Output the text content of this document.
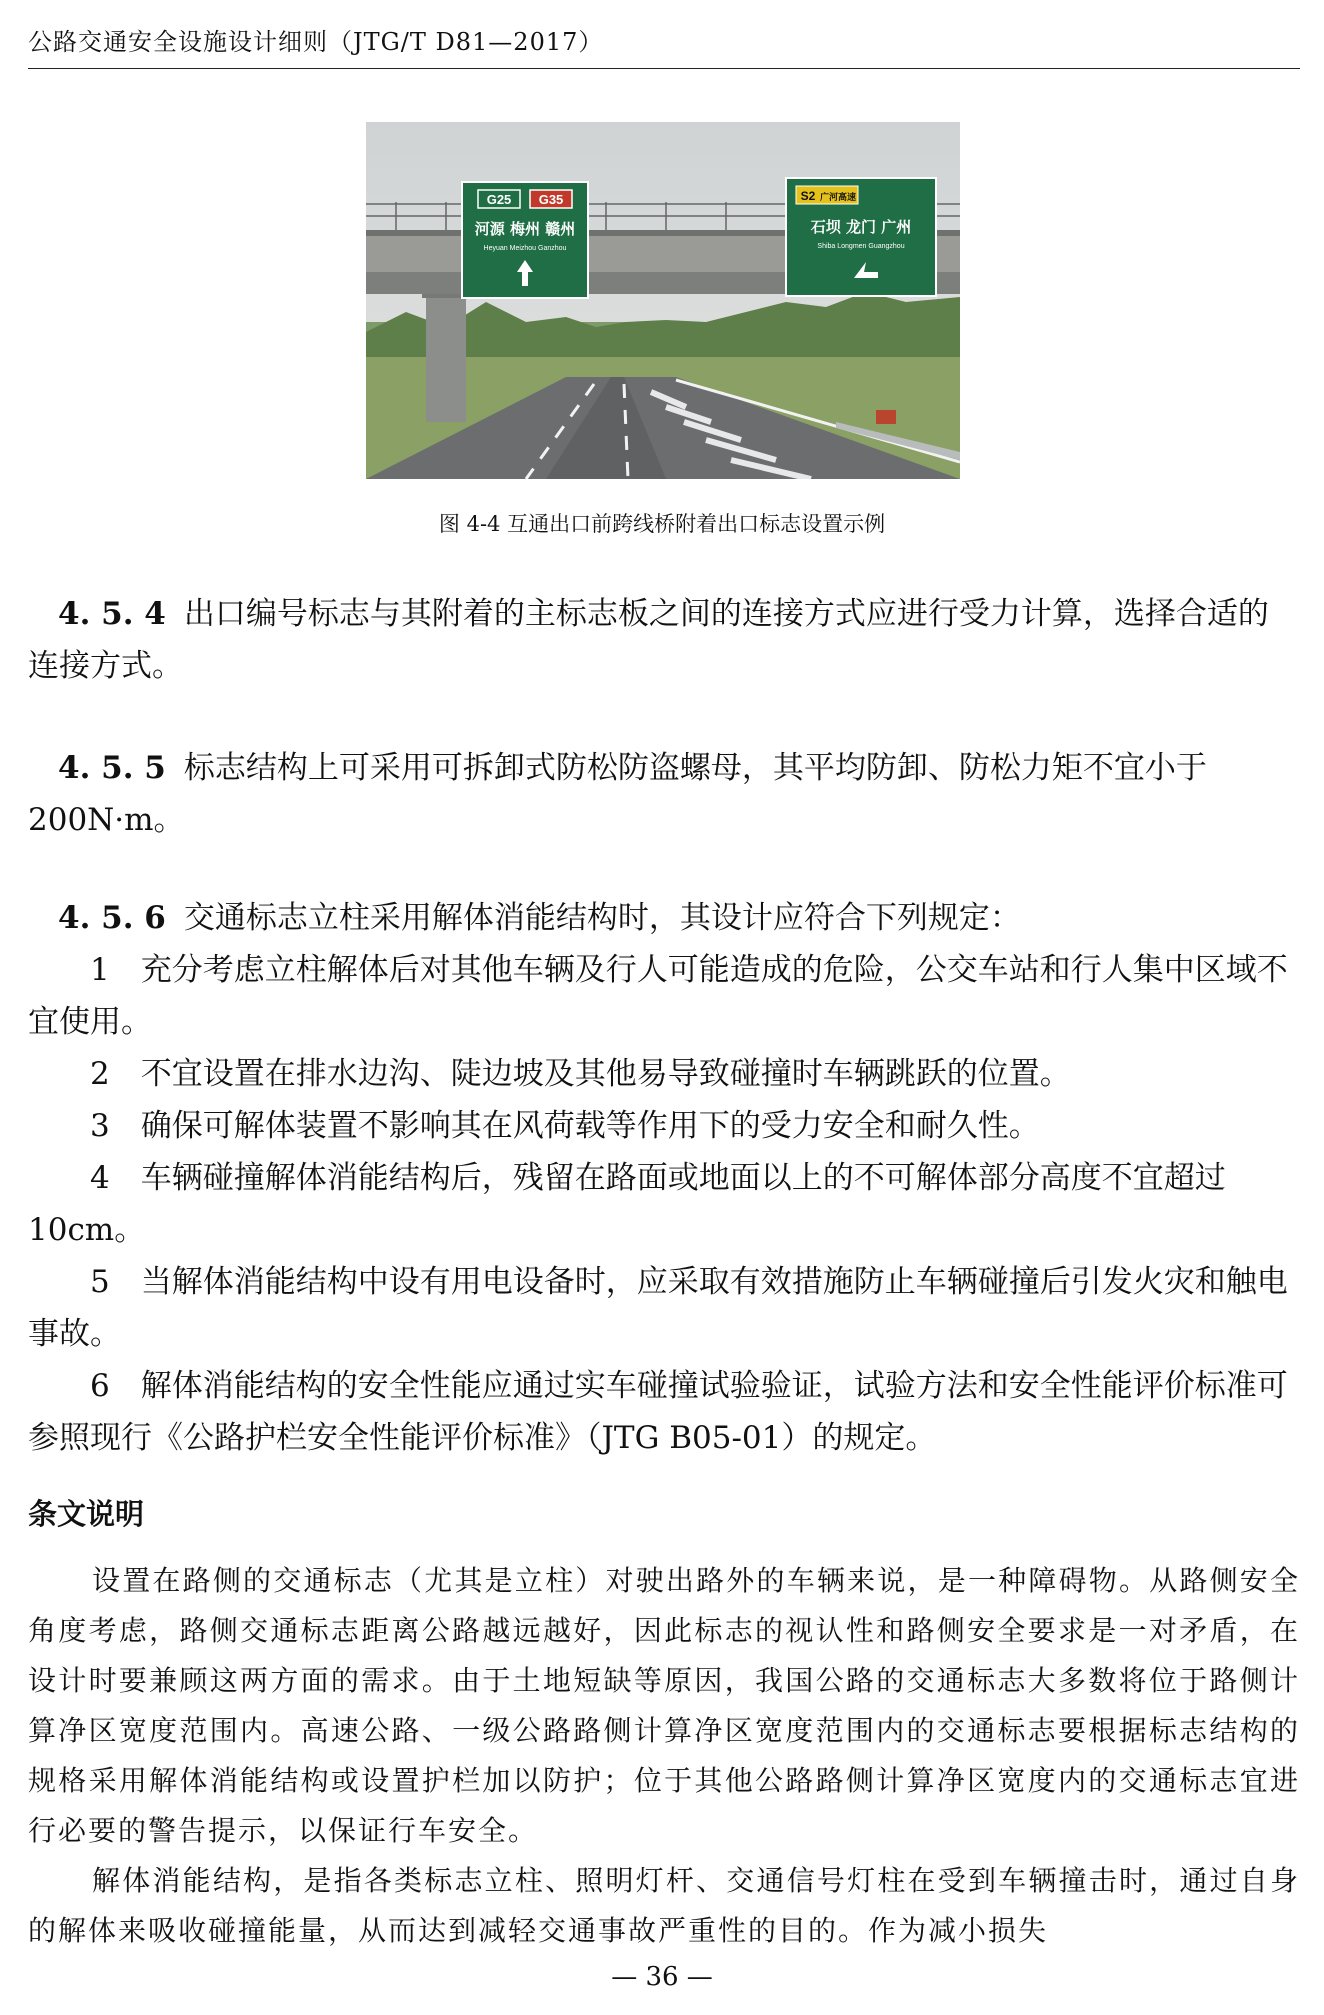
公路交通安全设施设计细则（JTG/T D81—2017）
G25 G35
河源 梅州 赣州
Heyuan Meizhou Ganzhou
S2 广河高速
石坝 龙门 广州
Shiba Longmen Guangzhou
图 4-4 互通出口前跨线桥附着出口标志设置示例

4. 5. 4 出口编号标志与其附着的主标志板之间的连接方式应进行受力计算，选择合适的连接方式。

4. 5. 5 标志结构上可采用可拆卸式防松防盗螺母，其平均防卸、防松力矩不宜小于 200N·m。

4. 5. 6 交通标志立柱采用解体消能结构时，其设计应符合下列规定：

1　 充分考虑立柱解体后对其他车辆及行人可能造成的危险，公交车站和行人集中区域不宜使用。

2　 不宜设置在排水边沟、陡边坡及其他易导致碰撞时车辆跳跃的位置。

3　 确保可解体装置不影响其在风荷载等作用下的受力安全和耐久性。

4　 车辆碰撞解体消能结构后，残留在路面或地面以上的不可解体部分高度不宜超过 10cm。

5　 当解体消能结构中设有用电设备时，应采取有效措施防止车辆碰撞后引发火灾和触电事故。

6　 解体消能结构的安全性能应通过实车碰撞试验验证，试验方法和安全性能评价标准可参照现行《公路护栏安全性能评价标准》（JTG B05-01）的规定。

条文说明

设置在路侧的交通标志（尤其是立柱）对驶出路外的车辆来说，是一种障碍物。从路侧安全角度考虑，路侧交通标志距离公路越远越好，因此标志的视认性和路侧安全要求是一对矛盾，在设计时要兼顾这两方面的需求。由于土地短缺等原因，我国公路的交通标志大多数将位于路侧计算净区宽度范围内。高速公路、一级公路路侧计算净区宽度范围内的交通标志要根据标志结构的规格采用解体消能结构或设置护栏加以防护；位于其他公路路侧计算净区宽度内的交通标志宜进行必要的警告提示，以保证行车安全。

解体消能结构，是指各类标志立柱、照明灯杆、交通信号灯柱在受到车辆撞击时，通过自身的解体来吸收碰撞能量，从而达到减轻交通事故严重性的目的。作为减小损失

— 36 —
